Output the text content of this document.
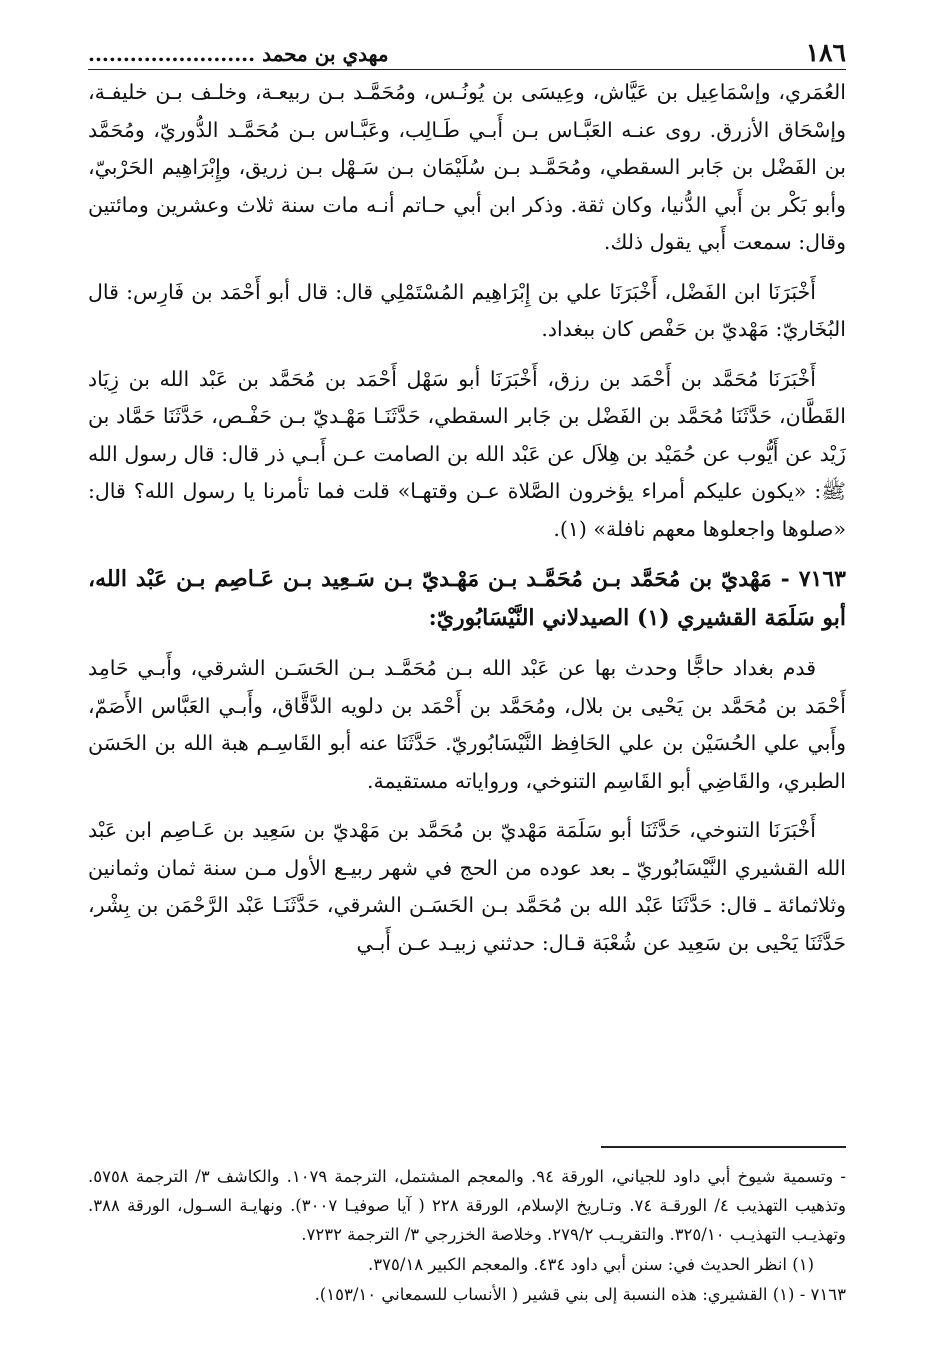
١٨٦
مهدي بن محمد ........................

العُمَري، وإسْمَاعِيل بن عَيَّاش، وعِيسَى بن يُونُـس، ومُحَمَّـد بـن ربيعـة، وخلـف بـن خليفـة، وإسْحَاق الأزرق. روى عنـه العَبَّـاس بـن أَبـي طَـالِب، وعَبَّـاس بـن مُحَمَّـد الدُّوريّ، ومُحَمَّد بن الفَضْل بن جَابر السقطي، ومُحَمَّـد بـن سُلَيْمَان بـن سَـهْل بـن زريق، وإِبْرَاهِيم الحَرْبيّ، وأبو بَكْر بن أَبي الدُّنيا، وكان ثقة. وذكر ابن أبي حـاتم أنـه مات سنة ثلاث وعشرين ومائتين وقال: سمعت أَبي يقول ذلك.

أَخْبَرَنَا ابن الفَضْل، أَخْبَرَنَا علي بن إِبْرَاهِيم المُسْتَمْلِي قال: قال أبو أَحْمَد بن فَارِس: قال البُخَاريّ: مَهْديّ بن حَفْص كان ببغداد.

أَخْبَرَنَا مُحَمَّد بن أَحْمَد بن رزق، أَخْبَرَنَا أبو سَهْل أَحْمَد بن مُحَمَّد بن عَبْد الله بن زِيَاد القَطَّان، حَدَّثَنَا مُحَمَّد بن الفَضْل بن جَابر السقطي، حَدَّثَنَـا مَهْـديّ بـن حَفْـص، حَدَّثَنَا حَمَّاد بن زَيْد عن أَيُّوب عن حُمَيْد بن هِلاَل عن عَبْد الله بن الصامت عـن أَبـي ذر قال: قال رسول الله ﷺ: «يكون عليكم أمراء يؤخرون الصَّلاة عـن وقتهـا» قلت فما تأمرنا يا رسول الله؟ قال: «صلوها واجعلوها معهم نافلة» (١).

٧١٦٣ - مَهْديّ بن مُحَمَّد بـن مُحَمَّـد بـن مَهْـديّ بـن سَـعِيد بـن عَـاصِم بـن عَبْد الله، أبو سَلَمَة القشيري (١) الصيدلاني النَّيْسَابُوريّ:

قدم بغداد حاجًّا وحدث بها عن عَبْد الله بـن مُحَمَّـد بـن الحَسَـن الشرقي، وأَبـي حَامِد أَحْمَد بن مُحَمَّد بن يَحْيى بن بلال، ومُحَمَّد بن أَحْمَد بن دلويه الدَّقَّاق، وأَبـي العَبَّاس الأَصَمّ، وأَبي علي الحُسَيْن بن علي الحَافِظ النَّيْسَابُوريّ. حَدَّثَنَا عنه أبو القَاسِـم هبة الله بن الحَسَن الطبري، والقَاضِي أبو القَاسِم التنوخي، ورواياته مستقيمة.

أَخْبَرَنَا التنوخي، حَدَّثَنَا أبو سَلَمَة مَهْديّ بن مُحَمَّد بن مَهْديّ بن سَعِيد بن عَـاصِم ابن عَبْد الله القشيري النَّيْسَابُوريّ ـ بعد عوده من الحج في شهر ربيـع الأول مـن سنة ثمان وثمانين وثلاثمائة ـ قال: حَدَّثَنَا عَبْد الله بن مُحَمَّد بـن الحَسَـن الشرقي، حَدَّثَنَـا عَبْد الرَّحْمَن بن بِشْر، حَدَّثَنَا يَحْيى بن سَعِيد عن شُعْبَة قـال: حدثني زبيـد عـن أَبـي

- وتسمية شيوخ أبي داود للجياني، الورقة ٩٤. والمعجم المشتمل، الترجمة ١٠٧٩. والكاشف ٣/ الترجمة ٥٧٥٨. وتذهيب التهذيب ٤/ الورقـة ٧٤. وتـاريخ الإسلام، الورقة ٢٢٨ ( آيا صوفيـا ٣٠٠٧). ونهايـة السـول، الورقة ٣٨٨. وتهذيـب التهذيـب ٣٢٥/١٠. والتقريـب ٢٧٩/٢. وخلاصة الخزرجي ٣/ الترجمة ٧٢٣٢.

(١) انظر الحديث في: سنن أبي داود ٤٣٤. والمعجم الكبير ٣٧٥/١٨.

٧١٦٣ - (١) القشيري: هذه النسبة إلى بني قشير ( الأنساب للسمعاني ١٥٣/١٠).
